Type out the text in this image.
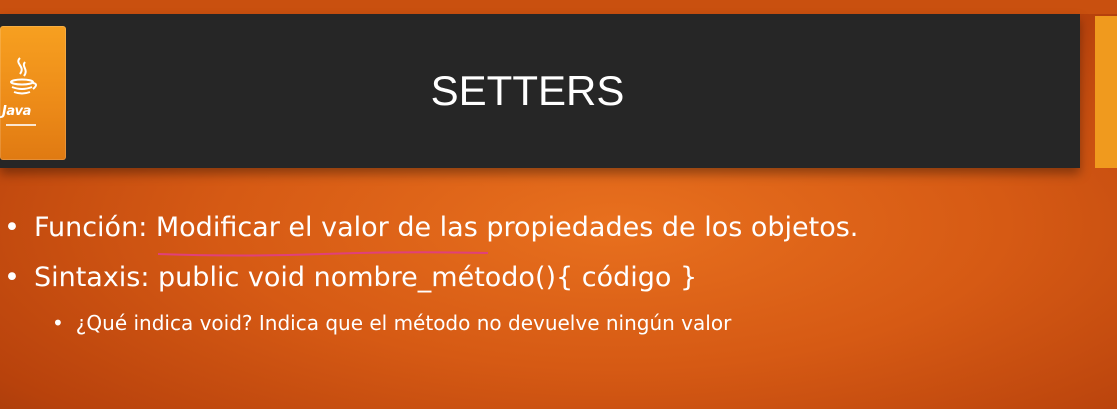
Java	SETTERS
• Función: Modificar el valor de las propiedades de los objetos.
• Sintaxis: public void nombre_método(){ código }
• ¿Qué indica void? Indica que el método no devuelve ningún valor
